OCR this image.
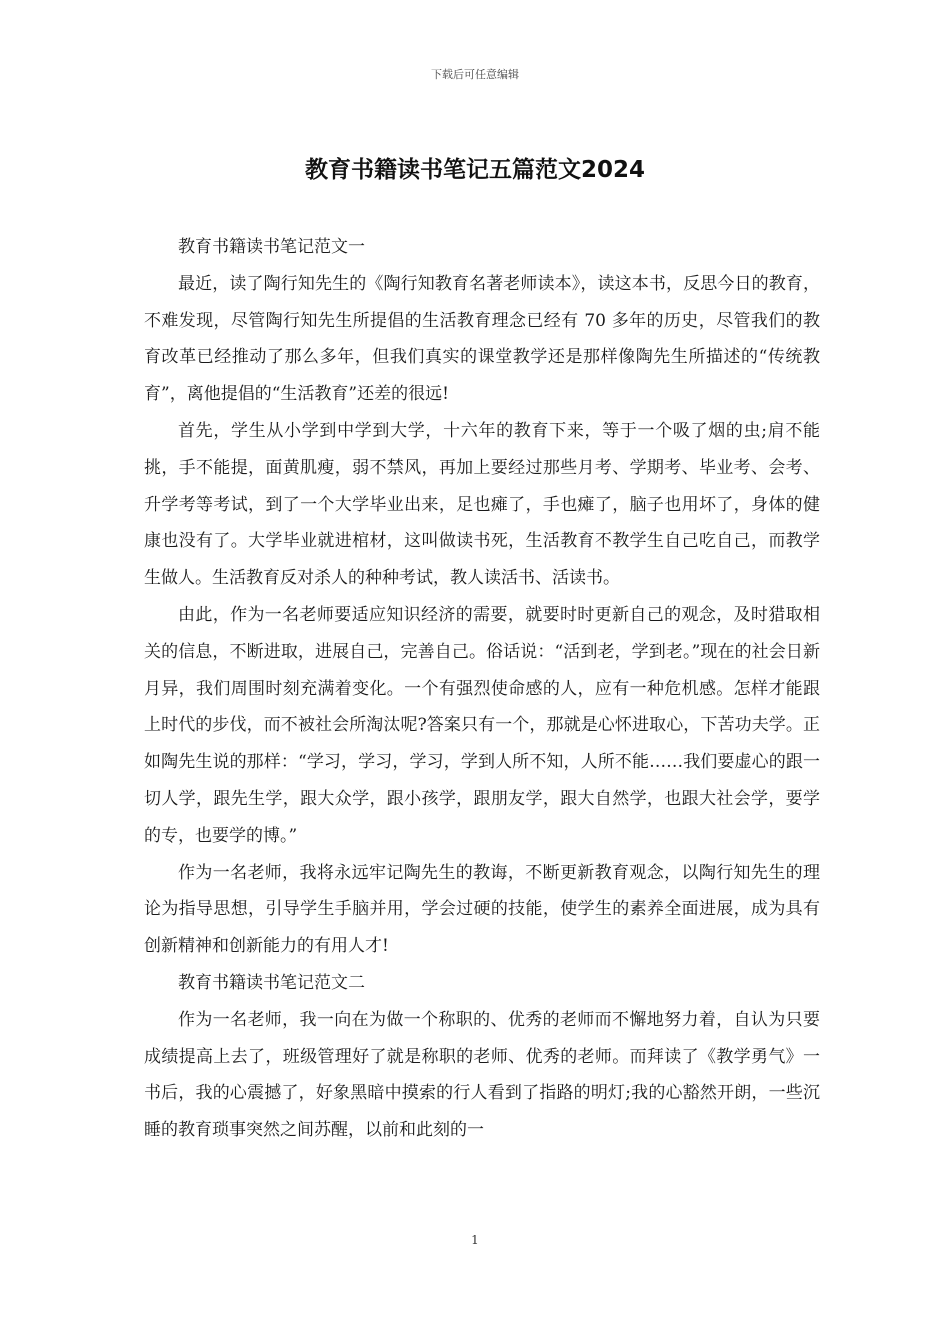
下载后可任意编辑
教育书籍读书笔记五篇范文2024

教育书籍读书笔记范文一

最近，读了陶行知先生的《陶行知教育名著老师读本》，读这本书，反思今日的教育，不难发现，尽管陶行知先生所提倡的生活教育理念已经有 70 多年的历史，尽管我们的教育改革已经推动了那么多年，但我们真实的课堂教学还是那样像陶先生所描述的“传统教育”，离他提倡的“生活教育”还差的很远!

首先，学生从小学到中学到大学，十六年的教育下来，等于一个吸了烟的虫;肩不能挑，手不能提，面黄肌瘦，弱不禁风，再加上要经过那些月考、学期考、毕业考、会考、升学考等考试，到了一个大学毕业出来，足也瘫了，手也瘫了，脑子也用坏了，身体的健康也没有了。大学毕业就进棺材，这叫做读书死，生活教育不教学生自己吃自己，而教学生做人。生活教育反对杀人的种种考试，教人读活书、活读书。

由此，作为一名老师要适应知识经济的需要，就要时时更新自己的观念，及时猎取相关的信息，不断进取，进展自己，完善自己。俗话说：“活到老，学到老。”现在的社会日新月异，我们周围时刻充满着变化。一个有强烈使命感的人，应有一种危机感。怎样才能跟上时代的步伐，而不被社会所淘汰呢?答案只有一个，那就是心怀进取心，下苦功夫学。正如陶先生说的那样：“学习，学习，学习，学到人所不知，人所不能……我们要虚心的跟一切人学，跟先生学，跟大众学，跟小孩学，跟朋友学，跟大自然学，也跟大社会学，要学的专，也要学的博。”

作为一名老师，我将永远牢记陶先生的教诲，不断更新教育观念，以陶行知先生的理论为指导思想，引导学生手脑并用，学会过硬的技能，使学生的素养全面进展，成为具有创新精神和创新能力的有用人才!

教育书籍读书笔记范文二

作为一名老师，我一向在为做一个称职的、优秀的老师而不懈地努力着，自认为只要成绩提高上去了，班级管理好了就是称职的老师、优秀的老师。而拜读了《教学勇气》一书后，我的心震撼了，好象黑暗中摸索的行人看到了指路的明灯;我的心豁然开朗，一些沉睡的教育琐事突然之间苏醒，以前和此刻的一

1
